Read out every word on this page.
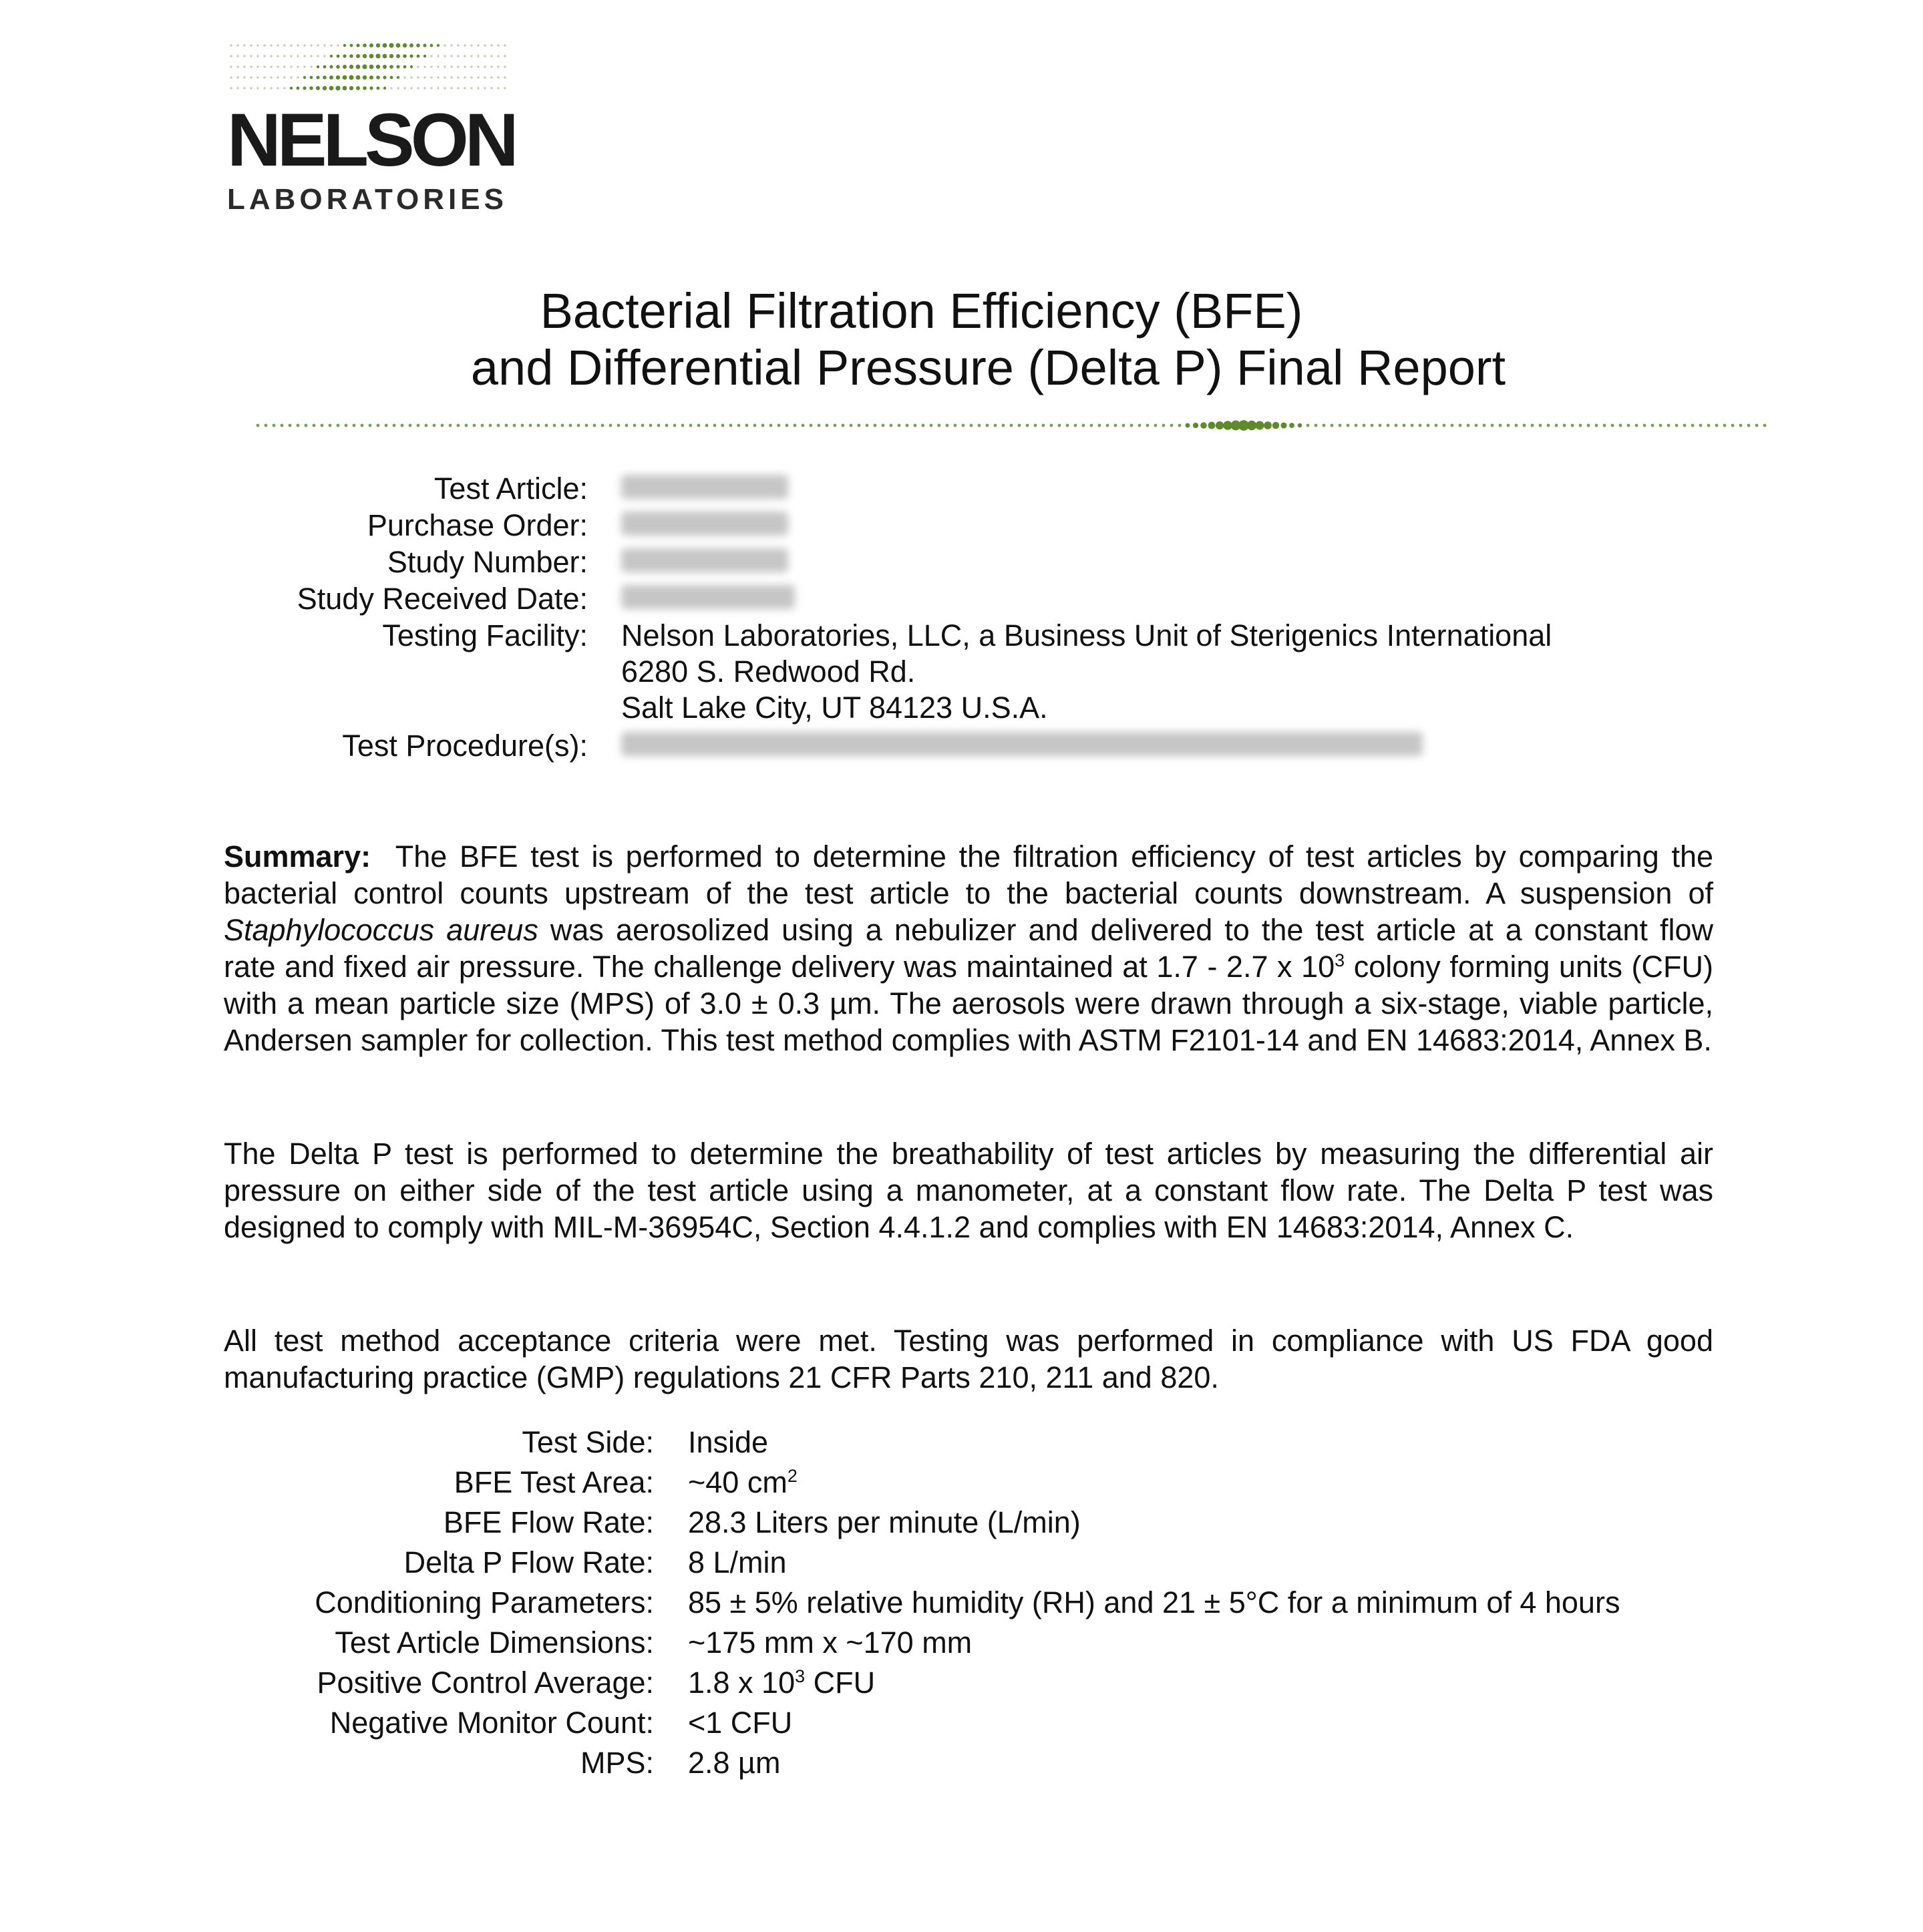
NELSON
LABORATORIES
Bacterial Filtration Efficiency (BFE)
and Differential Pressure (Delta P) Final Report
Test Article:
Purchase Order:
Study Number:
Study Received Date:
Testing Facility: Nelson Laboratories, LLC, a Business Unit of Sterigenics International
6280 S. Redwood Rd.
Salt Lake City, UT 84123 U.S.A.
Test Procedure(s):
Summary: The BFE test is performed to determine the filtration efficiency of test articles by comparing the bacterial control counts upstream of the test article to the bacterial counts downstream. A suspension of Staphylococcus aureus was aerosolized using a nebulizer and delivered to the test article at a constant flow rate and fixed air pressure. The challenge delivery was maintained at 1.7 - 2.7 x $10^3$ colony forming units (CFU) with a mean particle size (MPS) of 3.0 ± 0.3 µm. The aerosols were drawn through a six-stage, viable particle, Andersen sampler for collection. This test method complies with ASTM F2101-14 and EN 14683:2014, Annex B.
The Delta P test is performed to determine the breathability of test articles by measuring the differential air pressure on either side of the test article using a manometer, at a constant flow rate. The Delta P test was designed to comply with MIL-M-36954C, Section 4.4.1.2 and complies with EN 14683:2014, Annex C.
All test method acceptance criteria were met. Testing was performed in compliance with US FDA good manufacturing practice (GMP) regulations 21 CFR Parts 210, 211 and 820.
Test Side: Inside
BFE Test Area: ~40 $cm^2$
BFE Flow Rate: 28.3 Liters per minute (L/min)
Delta P Flow Rate: 8 L/min
Conditioning Parameters: 85 ± 5% relative humidity (RH) and 21 ± 5°C for a minimum of 4 hours
Test Article Dimensions: ~175 mm x ~170 mm
Positive Control Average: 1.8 x $10^3$ CFU
Negative Monitor Count: <1 CFU
MPS: 2.8 µm
